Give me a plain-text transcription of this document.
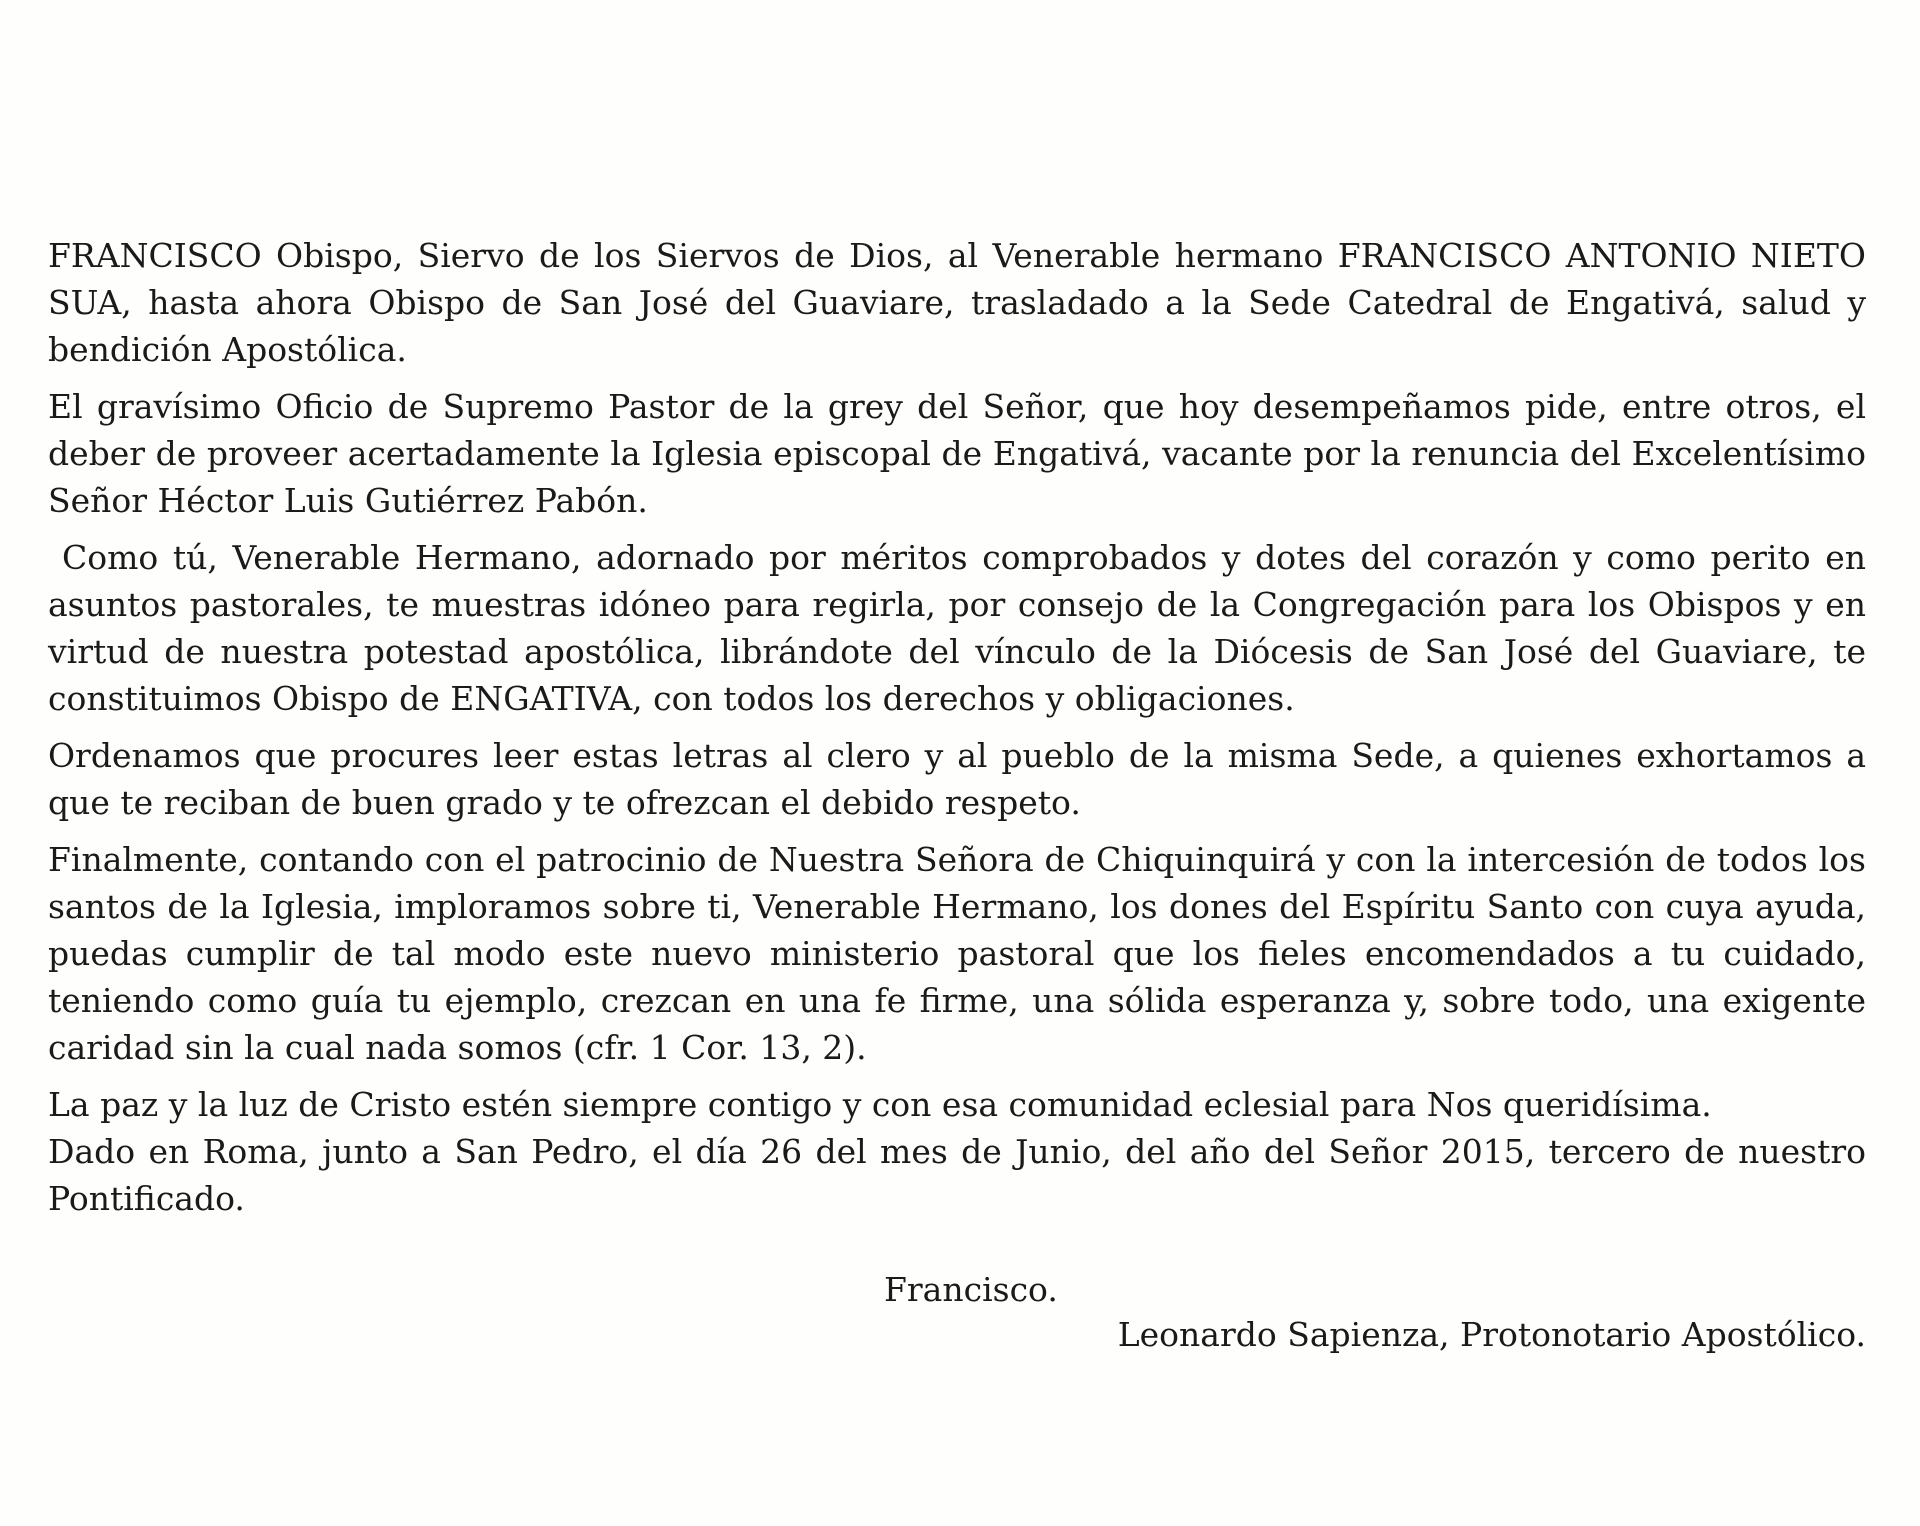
FRANCISCO Obispo, Siervo de los Siervos de Dios, al Venerable hermano FRANCISCO ANTONIO NIETO SUA, hasta ahora Obispo de San José del Guaviare, trasladado a la Sede Catedral de Engativá, salud y bendición Apostólica.

El gravísimo Oficio de Supremo Pastor de la grey del Señor, que hoy desempeñamos pide, entre otros, el deber de proveer acertadamente la Iglesia episcopal de Engativá, vacante por la renuncia del Excelentísimo Señor Héctor Luis Gutiérrez Pabón.

Como tú, Venerable Hermano, adornado por méritos comprobados y dotes del corazón y como perito en asuntos pastorales, te muestras idóneo para regirla, por consejo de la Congregación para los Obispos y en virtud de nuestra potestad apostólica, librándote del vínculo de la Diócesis de San José del Guaviare, te constituimos Obispo de ENGATIVA, con todos los derechos y obligaciones.

Ordenamos que procures leer estas letras al clero y al pueblo de la misma Sede, a quienes exhortamos a que te reciban de buen grado y te ofrezcan el debido respeto.

Finalmente, contando con el patrocinio de Nuestra Señora de Chiquinquirá y con la intercesión de todos los santos de la Iglesia, imploramos sobre ti, Venerable Hermano, los dones del Espíritu Santo con cuya ayuda, puedas cumplir de tal modo este nuevo ministerio pastoral que los fieles encomendados a tu cuidado, teniendo como guía tu ejemplo, crezcan en una fe firme, una sólida esperanza y, sobre todo, una exigente caridad sin la cual nada somos (cfr. 1 Cor. 13, 2).

La paz y la luz de Cristo estén siempre contigo y con esa comunidad eclesial para Nos queridísima.

Dado en Roma, junto a San Pedro, el día 26 del mes de Junio, del año del Señor 2015, tercero de nuestro Pontificado.

Francisco.
Leonardo Sapienza, Protonotario Apostólico.
